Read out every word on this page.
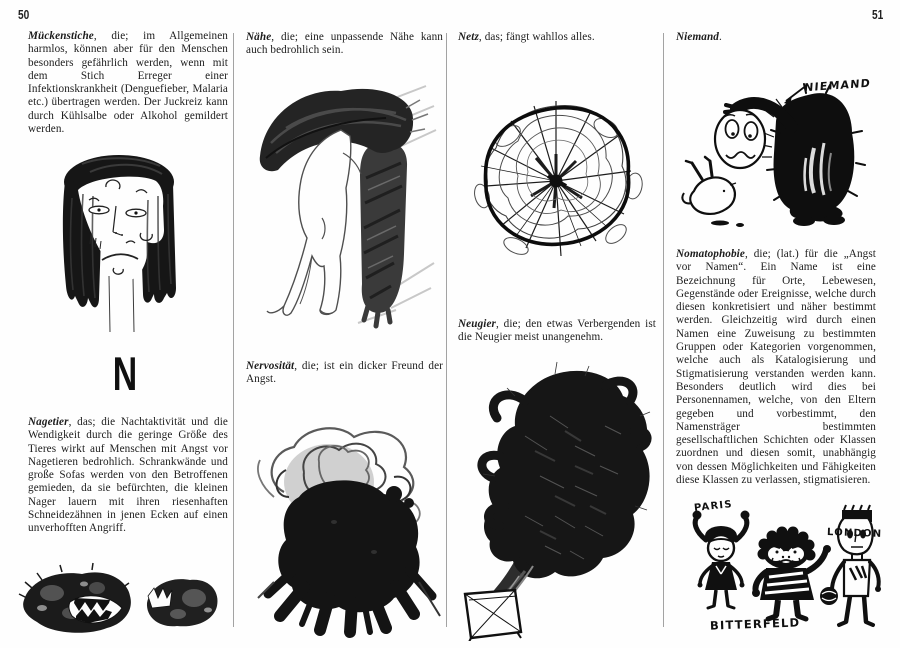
50	51

Mückenstiche, die; im Allgemeinen harmlos, können aber für den Menschen besonders gefährlich werden, wenn mit dem Stich Erreger einer Infektionskrankheit (Denguefieber, Malaria etc.) übertragen werden. Der Juckreiz kann durch Kühlsalbe oder Alkohol gemildert werden.

N

Nagetier, das; die Nachtaktivität und die Wendigkeit durch die geringe Größe des Tieres wirkt auf Menschen mit Angst vor Nagetieren bedrohlich. Schrankwände und große Sofas werden von den Betroffenen gemieden, da sie befürchten, die kleinen Nager lauern mit ihren riesenhaften Schneidezähnen in jenen Ecken auf einen unverhofften Angriff.

Nähe, die; eine unpassende Nähe kann auch bedrohlich sein.

Nervosität, die; ist ein dicker Freund der Angst.

Netz, das; fängt wahllos alles.

Neugier, die; den etwas Verbergenden ist die Neugier meist unangenehm.

Niemand.

NIEMAND

Nomatophobie, die; (lat.) für die „Angst vor Namen“. Ein Name ist eine Bezeichnung für Orte, Lebewesen, Gegenstände oder Ereignisse, welche durch diesen konkretisiert und näher bestimmt werden. Gleichzeitig wird durch einen Namen eine Zuweisung zu bestimmten Gruppen oder Kategorien vorgenommen, welche auch als Katalogisierung und Stigmatisierung verstanden werden kann. Besonders deutlich wird dies bei Personennamen, welche, von den Eltern gegeben und vorbestimmt, den Namensträger bestimmten gesellschaftlichen Schichten oder Klassen zuordnen und diesen somit, unabhängig von dessen Möglichkeiten und Fähigkeiten diese Klassen zu verlassen, stigmatisieren.

PARIS
LONDON
BITTERFELD
